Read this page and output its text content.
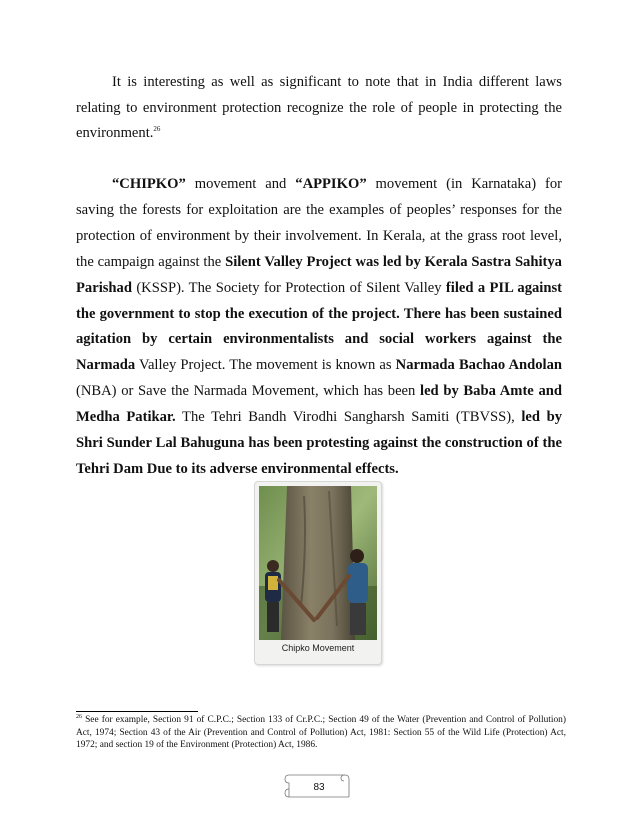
It is interesting as well as significant to note that in India different laws relating to environment protection recognize the role of people in protecting the environment.$^{26}$

“CHIPKO” movement and “APPIKO” movement (in Karnataka) for saving the forests for exploitation are the examples of peoples’ responses for the protection of environment by their involvement. In Kerala, at the grass root level, the campaign against the Silent Valley Project was led by Kerala Sastra Sahitya Parishad (KSSP). The Society for Protection of Silent Valley filed a PIL against the government to stop the execution of the project. There has been sustained agitation by certain environmentalists and social workers against the Narmada Valley Project. The movement is known as Narmada Bachao Andolan (NBA) or Save the Narmada Movement, which has been led by Baba Amte and Medha Patikar. The Tehri Bandh Virodhi Sangharsh Samiti (TBVSS), led by Shri Sunder Lal Bahuguna has been protesting against the construction of the Tehri Dam Due to its adverse environmental effects.

Chipko Movement

$^{26}$ See for example, Section 91 of C.P.C.; Section 133 of Cr.P.C.; Section 49 of the Water (Prevention and Control of Pollution) Act, 1974; Section 43 of the Air (Prevention and Control of Pollution) Act, 1981: Section 55 of the Wild Life (Protection) Act, 1972; and section 19 of the Environment (Protection) Act, 1986.

83
